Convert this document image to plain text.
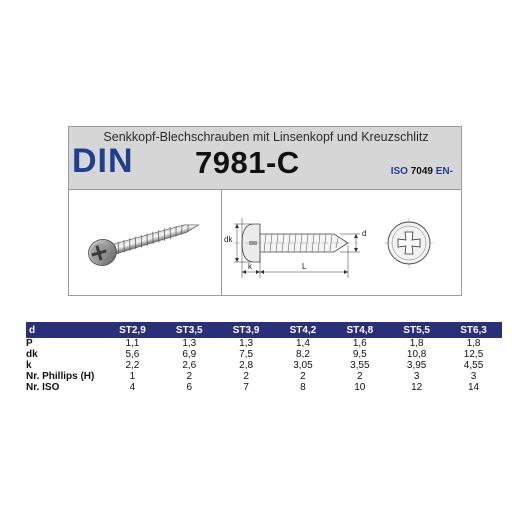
Senkkopf-Blechschrauben mit Linsenkopf und Kreuzschlitz
DIN 7981-C	ISO 7049 EN-
dk
d
k	L
d	ST2,9	ST3,5	ST3,9	ST4,2	ST4,8	ST5,5	ST6,3
P	1,1	1,3	1,3	1,4	1,6	1,8	1,8
dk	5,6	6,9	7,5	8,2	9,5	10,8	12,5
k	2,2	2,6	2,8	3,05	3,55	3,95	4,55
Nr. Phillips (H)	1	2	2	2	2	3	3
Nr. ISO	4	6	7	8	10	12	14
